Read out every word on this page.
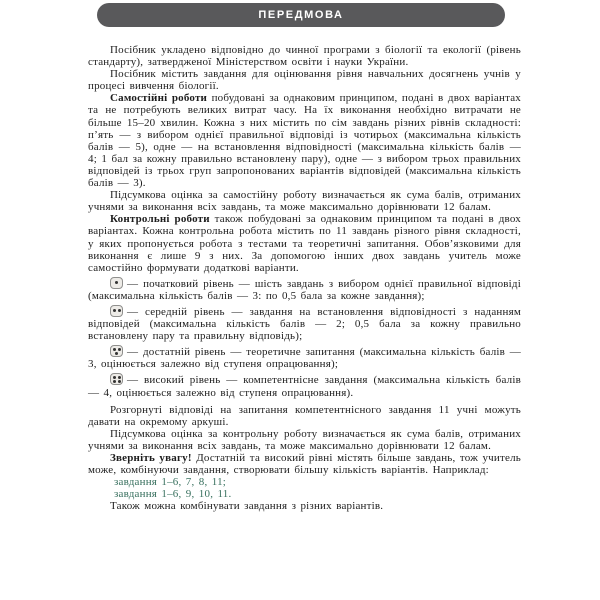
ПЕРЕДМОВА

Посібник укладено відповідно до чинної програми з біології та екології (рівень стандарту), затвердженої Міністерством освіти і науки України.

Посібник містить завдання для оцінювання рівня навчальних досягнень учнів у процесі вивчення біології.

Самостійні роботи побудовані за однаковим принципом, подані в двох варіантах та не потребують великих витрат часу. На їх виконання необхідно витрачати не більше 15–20 хвилин. Кожна з них містить по сім завдань різних рівнів складності: п’ять — з вибором однієї правильної відповіді із чотирьох (максимальна кількість балів — 5), одне — на встановлення відповідності (максимальна кількість балів — 4; 1 бал за кожну правильно встановлену пару), одне — з вибором трьох правильних відповідей із трьох груп запропонованих варіантів відповідей (максимальна кількість балів — 3).

Підсумкова оцінка за самостійну роботу визначається як сума балів, отриманих учнями за виконання всіх завдань, та може максимально дорівнювати 12 балам.

Контрольні роботи також побудовані за однаковим принципом та подані в двох варіантах. Кожна контрольна робота містить по 11 завдань різного рівня складності, у яких пропонується робота з тестами та теоретичні запитання. Обов’язковими для виконання є лише 9 з них. За допомогою інших двох завдань учитель може самостійно формувати додаткові варіанти.

— початковий рівень — шість завдань з вибором однієї правильної відповіді (максимальна кількість балів — 3: по 0,5 бала за кожне завдання);

— середній рівень — завдання на встановлення відповідності з наданням відповідей (максимальна кількість балів — 2; 0,5 бала за кожну правильно встановлену пару та правильну відповідь);

— достатній рівень — теоретичне запитання (максимальна кількість балів — 3, оцінюється залежно від ступеня опрацювання);

— високий рівень — компетентнісне завдання (максимальна кількість балів — 4, оцінюється залежно від ступеня опрацювання).

Розгорнуті відповіді на запитання компетентнісного завдання 11 учні можуть давати на окремому аркуші.

Підсумкова оцінка за контрольну роботу визначається як сума балів, отриманих учнями за виконання всіх завдань, та може максимально дорівнювати 12 балам.

Зверніть увагу! Достатній та високий рівні містять більше завдань, тож учитель може, комбінуючи завдання, створювати більшу кількість варіантів. Наприклад:

завдання 1–6, 7, 8, 11;

завдання 1–6, 9, 10, 11.

Також можна комбінувати завдання з різних варіантів.
